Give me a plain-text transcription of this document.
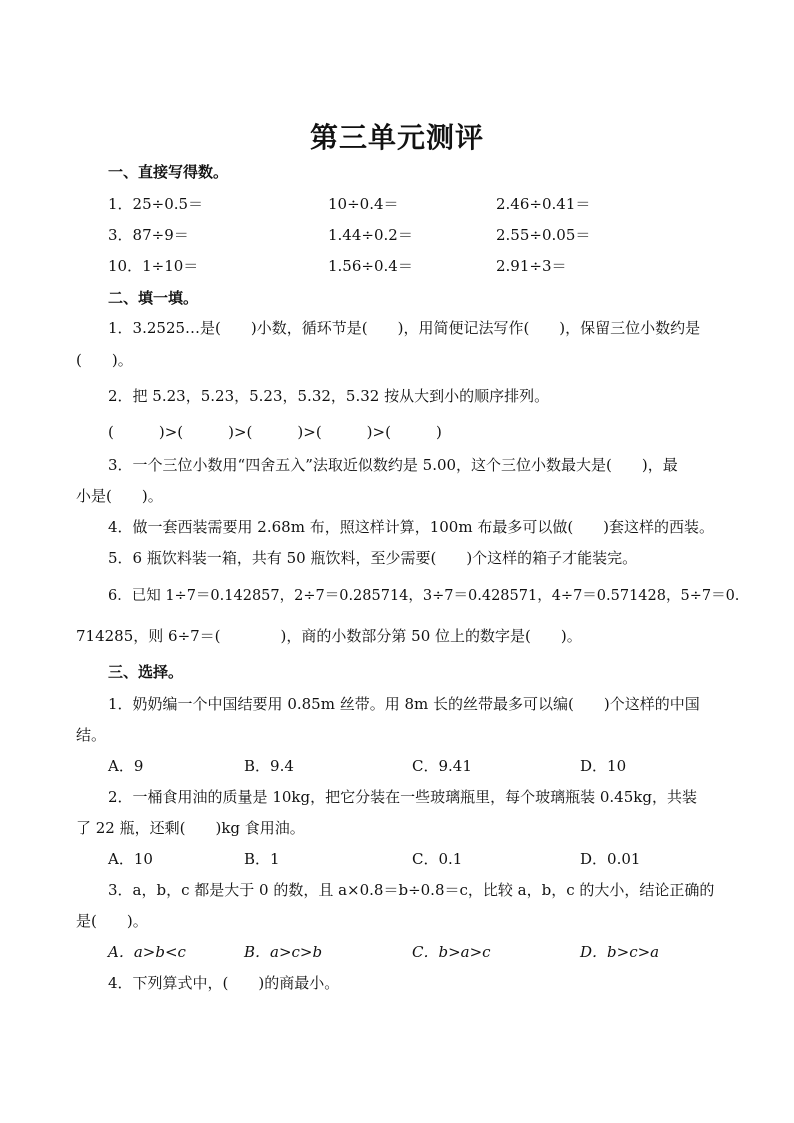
第三单元测评
一、直接写得数。
1．25÷0.5＝	10÷0.4＝	2.46÷0.41＝
3．87÷9＝	1.44÷0.2＝	2.55÷0.05＝
10．1÷10＝	1.56÷0.4＝	2.91÷3＝
二、填一填。
1．3.2525…是(　　)小数，循环节是(　　)，用简便记法写作(　　)，保留三位小数约是
(　　)。
2．把 5.23，5.23，5.23，5.32，5.32 按从大到小的顺序排列。
(　　　)>(　　　)>(　　　)>(　　　)>(　　　)
3．一个三位小数用“四舍五入”法取近似数约是 5.00，这个三位小数最大是(　　)，最
小是(　　)。
4．做一套西装需要用 2.68m 布，照这样计算，100m 布最多可以做(　　)套这样的西装。
5．6 瓶饮料装一箱，共有 50 瓶饮料，至少需要(　　)个这样的箱子才能装完。
6．已知 1÷7＝0.142857，2÷7＝0.285714，3÷7＝0.428571，4÷7＝0.571428，5÷7＝0.
714285，则 6÷7＝(　　　　)，商的小数部分第 50 位上的数字是(　　)。
三、选择。
1．奶奶编一个中国结要用 0.85m 丝带。用 8m 长的丝带最多可以编(　　)个这样的中国
结。
A．9	B．9.4	C．9.41	D．10
2．一桶食用油的质量是 10kg，把它分装在一些玻璃瓶里，每个玻璃瓶装 0.45kg，共装
了 22 瓶，还剩(　　)kg 食用油。
A．10	B．1	C．0.1	D．0.01
3．a，b，c 都是大于 0 的数，且 a×0.8＝b÷0.8＝c，比较 a，b，c 的大小，结论正确的
是(　　)。
A．a>b<c	B．a>c>b	C．b>a>c	D．b>c>a
4．下列算式中，(　　)的商最小。
